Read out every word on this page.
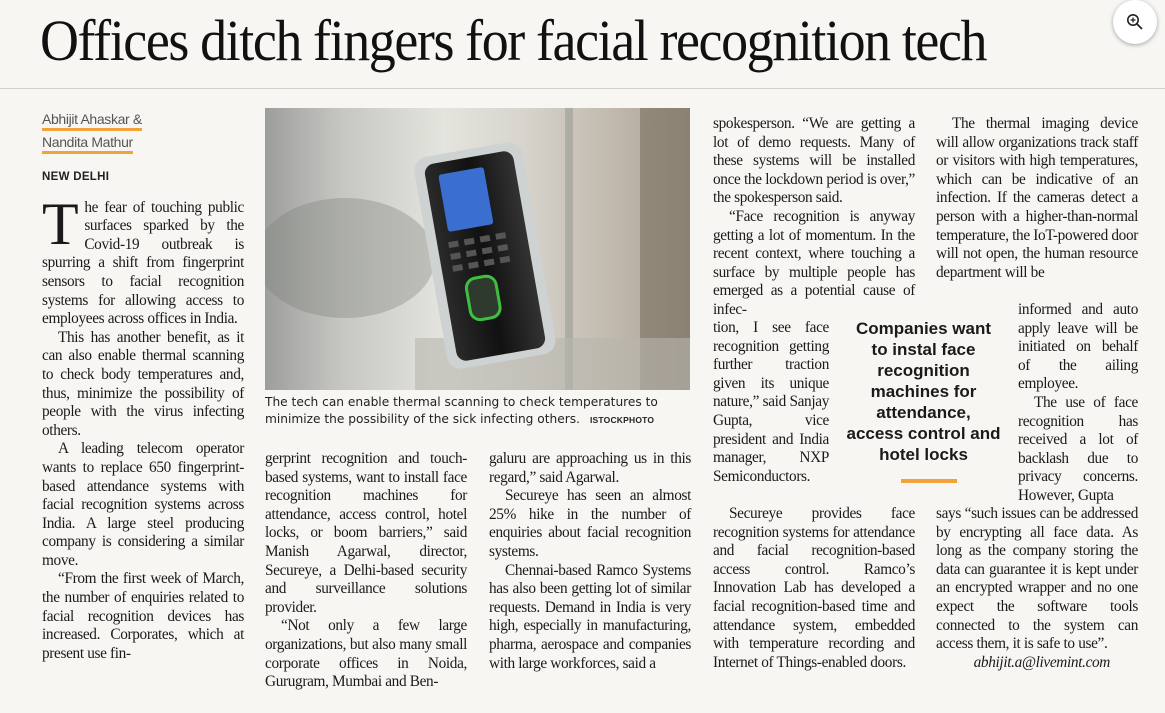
Offices ditch fingers for facial recognition tech
Abhijit Ahaskar &
Nandita Mathur
NEW DELHI

The fear of touching public surfaces sparked by the Covid-19 outbreak is spurring a shift from fingerprint sensors to facial recognition systems for allowing access to employees across offices in India.

This has another benefit, as it can also enable thermal scanning to check body temperatures and, thus, minimize the possibility of people with the virus infecting others.

A leading telecom operator wants to replace 650 fingerprint-based attendance systems with facial recognition systems across India. A large steel producing company is considering a similar move.

“From the first week of March, the number of enquiries related to facial recognition devices has increased. Corporates, which at present use fin-

The tech can enable thermal scanning to check temperatures to minimize the possibility of the sick infecting others. ISTOCKPHOTO

gerprint recognition and touch-based systems, want to install face recognition machines for attendance, access control, hotel locks, or boom barriers,” said Manish Agarwal, director, Secureye, a Delhi-based security and surveillance solutions provider.

“Not only a few large organizations, but also many small corporate offices in Noida, Gurugram, Mumbai and Ben-

galuru are approaching us in this regard,” said Agarwal.

Secureye has seen an almost 25% hike in the number of enquiries about facial recognition systems.

Chennai-based Ramco Systems has also been getting lot of similar requests. Demand in India is very high, especially in manufacturing, pharma, aerospace and companies with large workforces, said a

spokesperson. “We are getting a lot of demo requests. Many of these systems will be installed once the lockdown period is over,” the spokesperson said.

“Face recognition is anyway getting a lot of momentum. In the recent context, where touching a surface by multiple people has emerged as a potential cause of infec-

tion, I see face recognition getting further traction given its unique nature,” said Sanjay Gupta, vice president and India manager, NXP Semiconductors.

Secureye provides face recognition systems for attendance and facial recognition-based access control. Ramco’s Innovation Lab has developed a facial recognition-based time and attendance system, embedded with temperature recording and Internet of Things-enabled doors.

Companies want to instal face recognition machines for attendance, access control and hotel locks

The thermal imaging device will allow organizations track staff or visitors with high temperatures, which can be indicative of an infection. If the cameras detect a person with a higher-than-normal temperature, the IoT-powered door will not open, the human resource department will be

informed and auto apply leave will be initiated on behalf of the ailing employee.

The use of face recognition has received a lot of backlash due to privacy concerns. However, Gupta

says “such issues can be addressed by encrypting all face data. As long as the company storing the data can guarantee it is kept under an encrypted wrapper and no one expect the software tools connected to the system can access them, it is safe to use”.

abhijit.a@livemint.com
